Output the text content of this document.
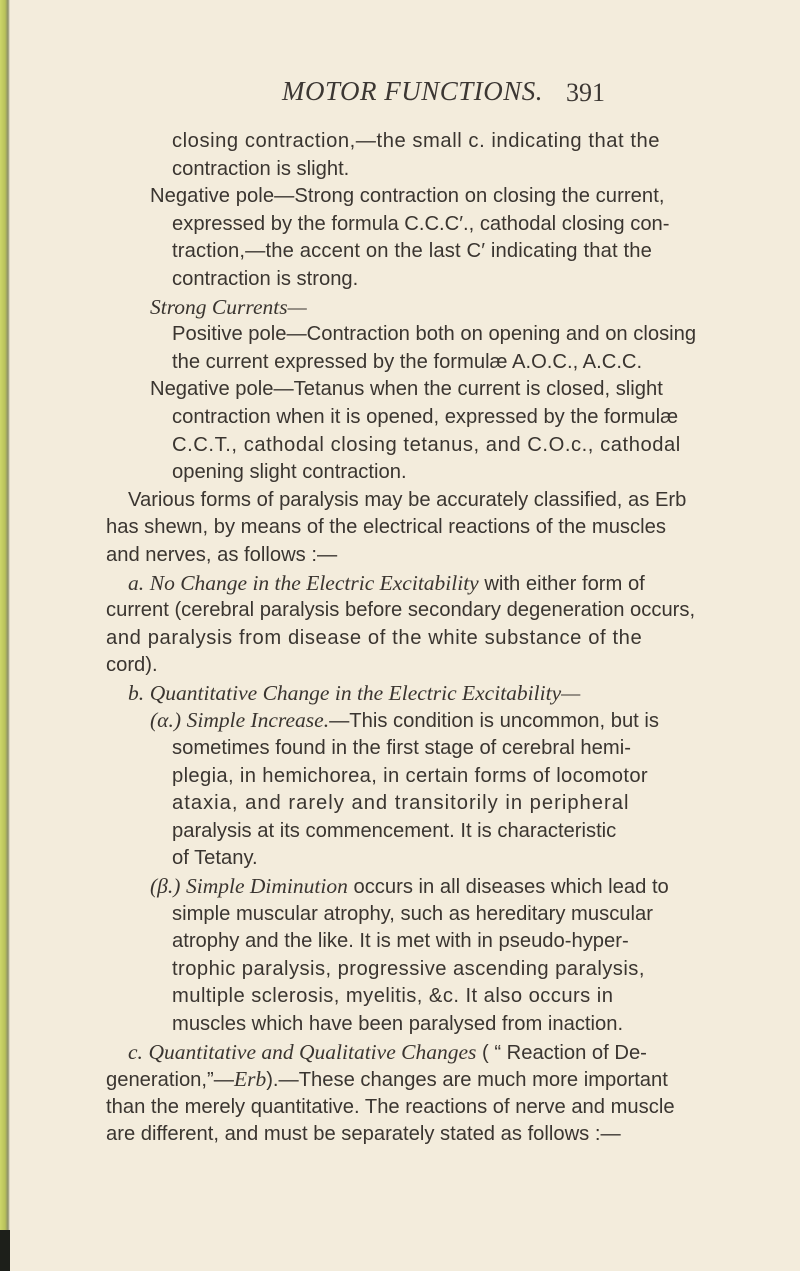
MOTOR FUNCTIONS. 391
closing contraction,—the small c. indicating that the
contraction is slight.
Negative pole—Strong contraction on closing the current,
expressed by the formula C.C.C′., cathodal closing con-
traction,—the accent on the last C′ indicating that the
contraction is strong.
Strong Currents—
Positive pole—Contraction both on opening and on closing
the current expressed by the formulæ A.O.C., A.C.C.
Negative pole—Tetanus when the current is closed, slight
contraction when it is opened, expressed by the formulæ
C.C.T., cathodal closing tetanus, and C.O.c., cathodal
opening slight contraction.
Various forms of paralysis may be accurately classified, as Erb
has shewn, by means of the electrical reactions of the muscles
and nerves, as follows :—
a. No Change in the Electric Excitability with either form of
current (cerebral paralysis before secondary degeneration occurs,
and paralysis from disease of the white substance of the
cord).
b. Quantitative Change in the Electric Excitability—
(α.) Simple Increase.—This condition is uncommon, but is
sometimes found in the first stage of cerebral hemi-
plegia, in hemichorea, in certain forms of locomotor
ataxia, and rarely and transitorily in peripheral
paralysis at its commencement. It is characteristic
of Tetany.
(β.) Simple Diminution occurs in all diseases which lead to
simple muscular atrophy, such as hereditary muscular
atrophy and the like. It is met with in pseudo-hyper-
trophic paralysis, progressive ascending paralysis,
multiple sclerosis, myelitis, &c. It also occurs in
muscles which have been paralysed from inaction.
c. Quantitative and Qualitative Changes ( “ Reaction of De-
generation,”—Erb).—These changes are much more important
than the merely quantitative. The reactions of nerve and muscle
are different, and must be separately stated as follows :—
